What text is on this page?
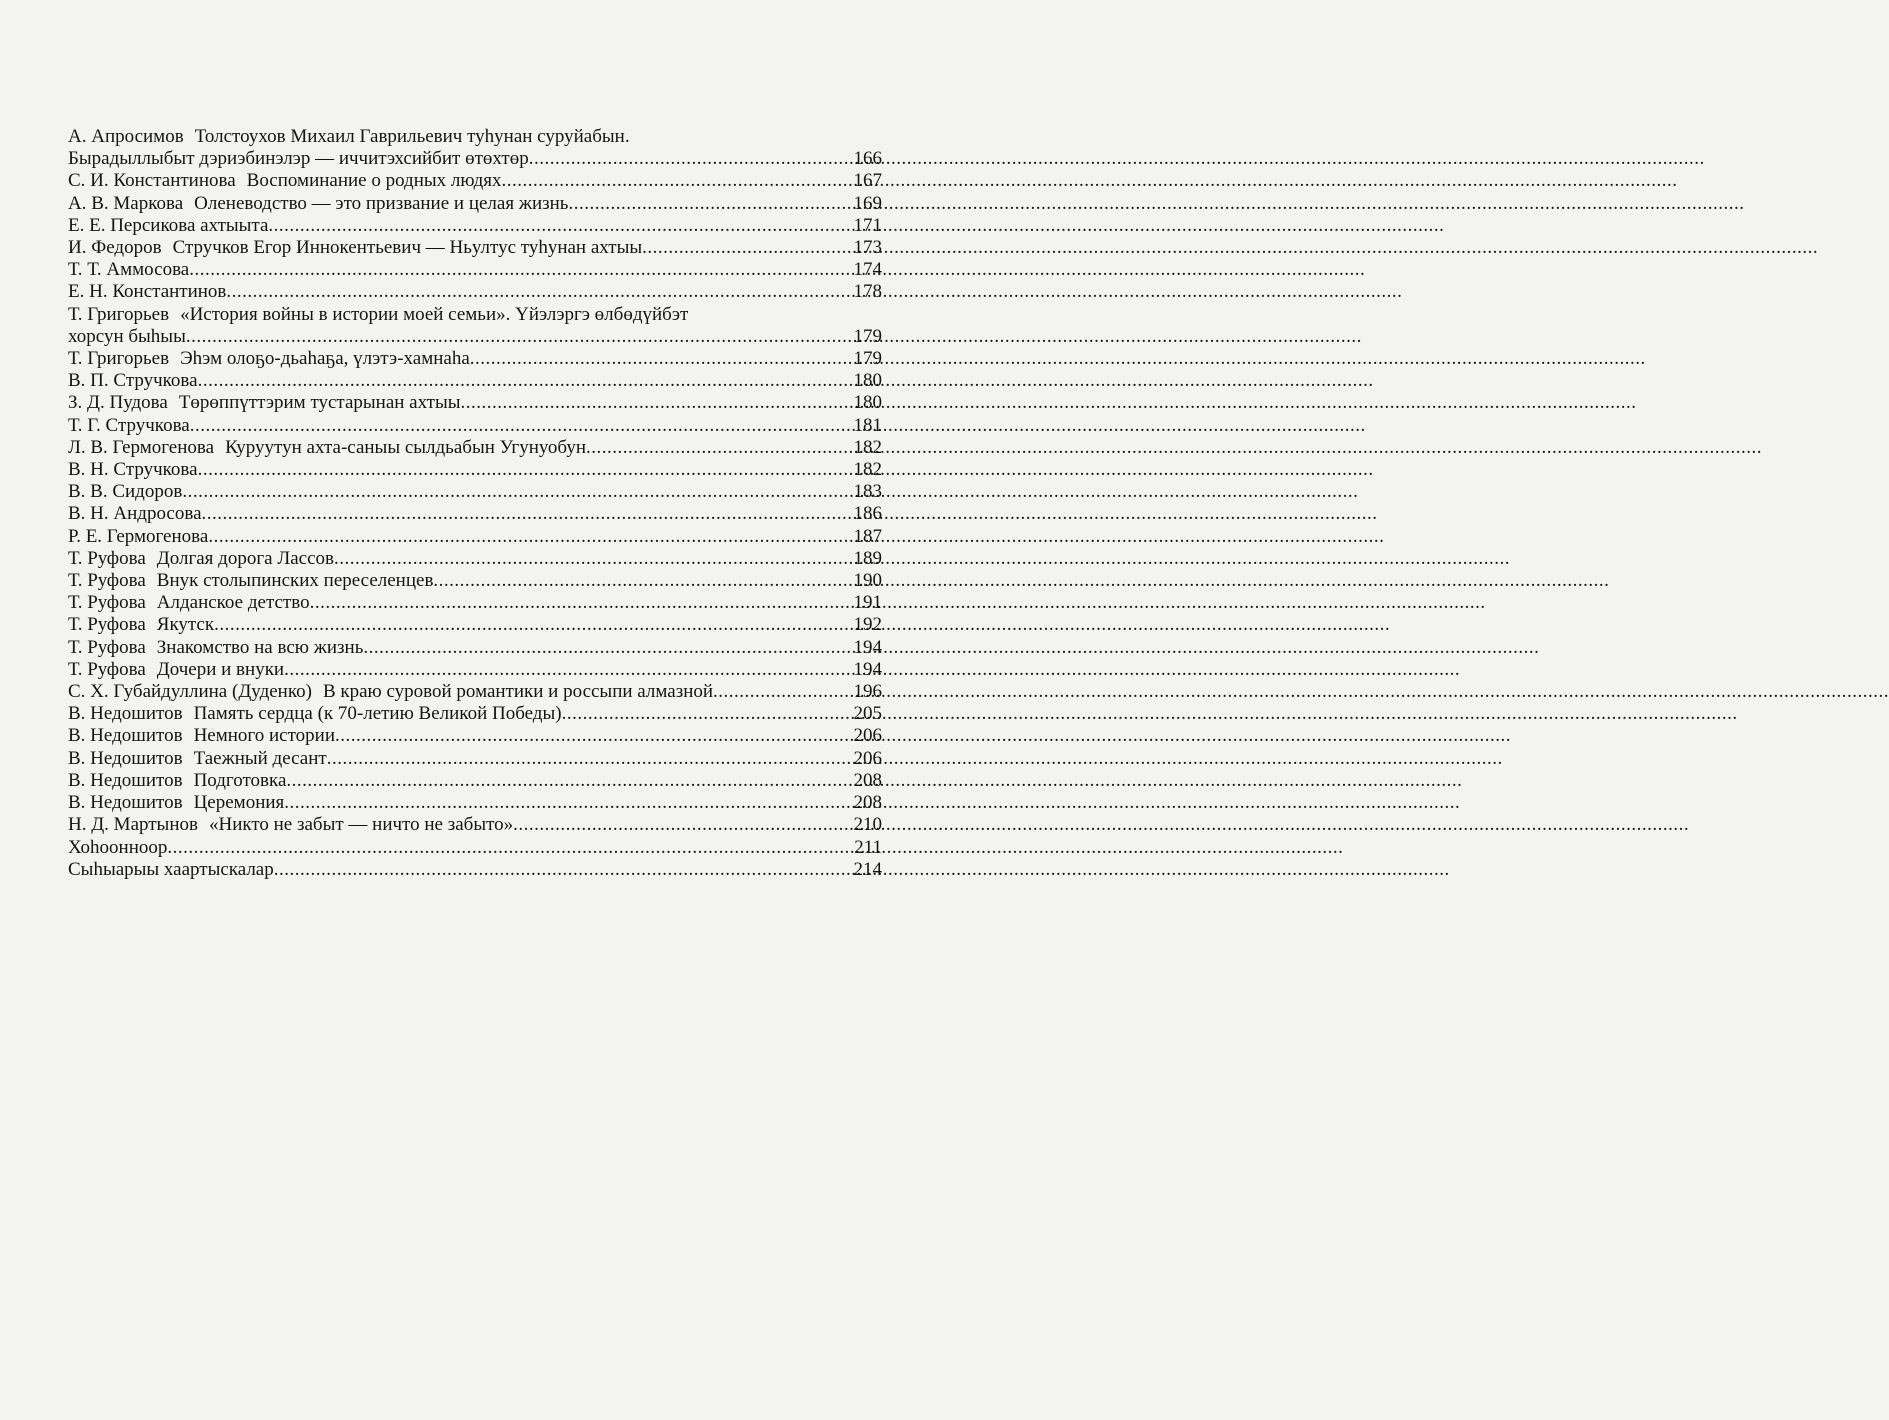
А. Апросимов Толстоухов Михаил Гаврильевич туһунан суруйабын.
Бырадыллыбыт дэриэбинэлэр — иччитэхсийбит өтөхтөр .....	166
С. И. Константинова Воспоминание о родных людях .....	167
А. В. Маркова Оленеводство — это призвание и целая жизнь .....	169
Е. Е. Персикова ахтыыта .....	171
И. Федоров Стручков Егор Иннокентьевич — Ньултус туһунан ахтыы .....	173
Т. Т. Аммосова .....	174
Е. Н. Константинов .....	178
Т. Григорьев «История войны в истории моей семьи». Үйэлэргэ өлбөдүйбэт
хорсун быһыы .....	179
Т. Григорьев Эһэм олоҕо-дьаһаҕа, үлэтэ-хамнаһа .....	179
В. П. Стручкова .....	180
З. Д. Пудова Төрөппүттэрим тустарынан ахтыы .....	180
Т. Г. Стручкова .....	181
Л. В. Гермогенова Куруутун ахта-саныы сылдьабын Угунуобун .....	182
В. Н. Стручкова .....	182
В. В. Сидоров .....	183
В. Н. Андросова .....	186
Р. Е. Гермогенова .....	187
Т. Руфова Долгая дорога Лассов .....	189
Т. Руфова Внук столыпинских переселенцев .....	190
Т. Руфова Алданское детство .....	191
Т. Руфова Якутск .....	192
Т. Руфова Знакомство на всю жизнь .....	194
Т. Руфова Дочери и внуки .....	194
С. Х. Губайдуллина (Дуденко) В краю суровой романтики и россыпи алмазной .....	196
В. Недошитов Память сердца (к 70-летию Великой Победы) .....	205
В. Недошитов Немного истории .....	206
В. Недошитов Таежный десант .....	206
В. Недошитов Подготовка .....	208
В. Недошитов Церемония .....	208
Н. Д. Мартынов «Никто не забыт — ничто не забыто» .....	210
Хоһоонноор .....	211
Сыһыарыы хаартыскалар .....	214
